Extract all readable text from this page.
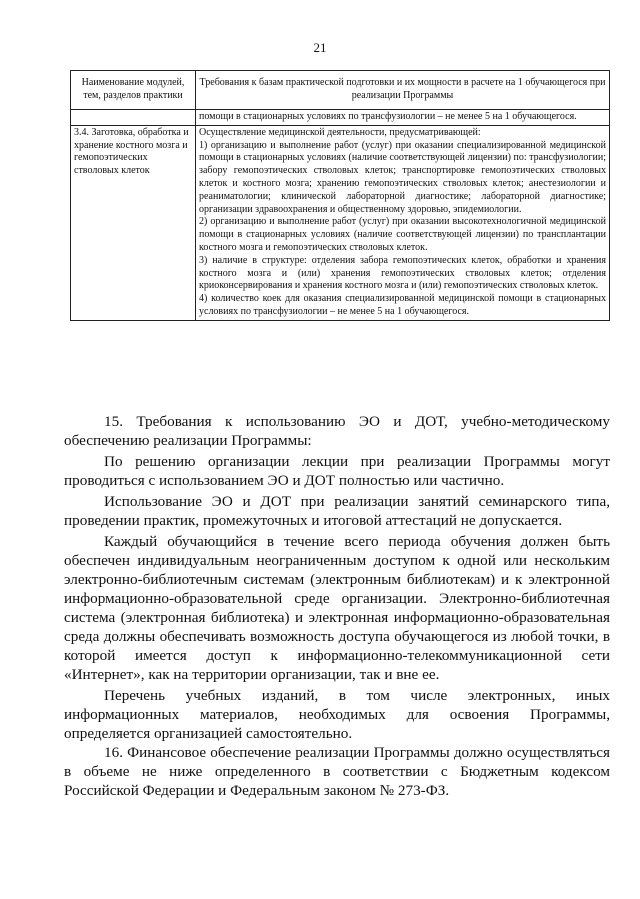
21
Наименование модулей, тем, разделов практики	Требования к базам практической подготовки и их мощности в расчете на 1 обучающегося при реализации Программы

	помощи в стационарных условиях по трансфузиологии – не менее 5 на 1 обучающегося.

3.4. Заготовка, обработка и хранение костного мозга и гемопоэтических стволовых клеток	Осуществление медицинской деятельности, предусматривающей:
1) организацию и выполнение работ (услуг) при оказании специализированной медицинской помощи в стационарных условиях (наличие соответствующей лицензии) по: трансфузиологии; забору гемопоэтических стволовых клеток; транспортировке гемопоэтических стволовых клеток и костного мозга; хранению гемопоэтических стволовых клеток; анестезиологии и реаниматологии; клинической лабораторной диагностике; лабораторной диагностике; организации здравоохранения и общественному здоровью, эпидемиологии.
2) организацию и выполнение работ (услуг) при оказании высокотехнологичной медицинской помощи в стационарных условиях (наличие соответствующей лицензии) по трансплантации костного мозга и гемопоэтических стволовых клеток.
3) наличие в структуре: отделения забора гемопоэтических клеток, обработки и хранения костного мозга и (или) хранения гемопоэтических стволовых клеток; отделения криоконсервирования и хранения костного мозга и (или) гемопоэтических стволовых клеток.
4) количество коек для оказания специализированной медицинской помощи в стационарных условиях по трансфузиологии – не менее 5 на 1 обучающегося.

15. Требования к использованию ЭО и ДОТ, учебно-методическому обеспечению реализации Программы:

По решению организации лекции при реализации Программы могут проводиться с использованием ЭО и ДОТ полностью или частично.

Использование ЭО и ДОТ при реализации занятий семинарского типа, проведении практик, промежуточных и итоговой аттестаций не допускается.

Каждый обучающийся в течение всего периода обучения должен быть обеспечен индивидуальным неограниченным доступом к одной или нескольким электронно-библиотечным системам (электронным библиотекам) и к электронной информационно-образовательной среде организации. Электронно-библиотечная система (электронная библиотека) и электронная информационно-образовательная среда должны обеспечивать возможность доступа обучающегося из любой точки, в которой имеется доступ к информационно-телекоммуникационной сети «Интернет», как на территории организации, так и вне ее.

Перечень учебных изданий, в том числе электронных, иных информационных материалов, необходимых для освоения Программы, определяется организацией самостоятельно.

16. Финансовое обеспечение реализации Программы должно осуществляться в объеме не ниже определенного в соответствии с Бюджетным кодексом Российской Федерации и Федеральным законом № 273-ФЗ.
